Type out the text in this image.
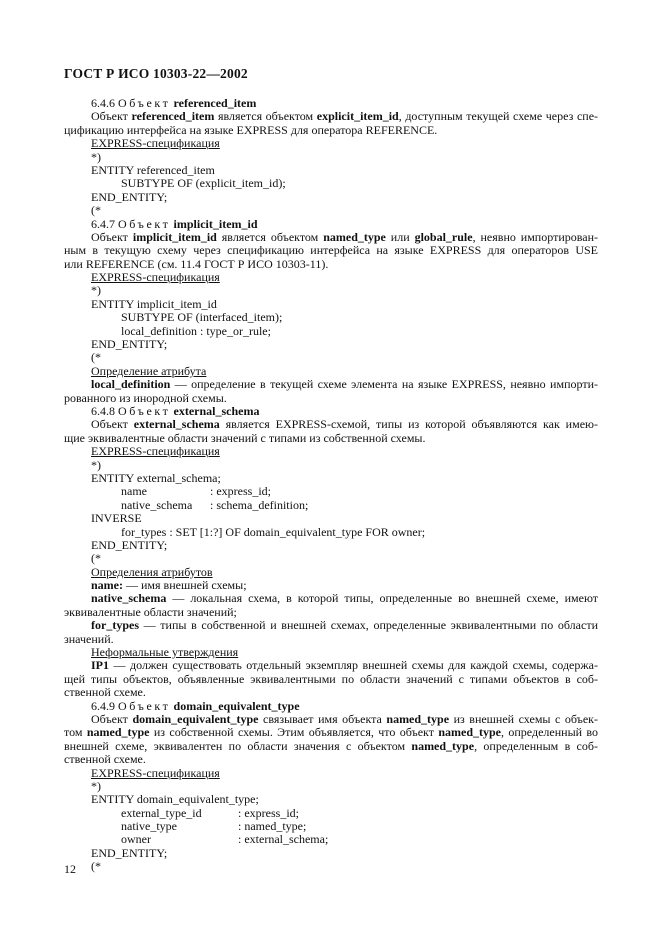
ГОСТ Р ИСО 10303-22—2002
6.4.6 Объект referenced_item
Объект referenced_item является объектом explicit_item_id, доступным текущей схеме через спе-
цификацию интерфейса на языке EXPRESS для оператора REFERENCE.
EXPRESS-спецификация
*)
ENTITY referenced_item
SUBTYPE OF (explicit_item_id);
END_ENTITY;
(*
6.4.7 Объект implicit_item_id
Объект implicit_item_id является объектом named_type или global_rule, неявно импортирован-
ным в текущую схему через спецификацию интерфейса на языке EXPRESS для операторов USE
или REFERENCE (см. 11.4 ГОСТ Р ИСО 10303-11).
EXPRESS-спецификация
*)
ENTITY implicit_item_id
SUBTYPE OF (interfaced_item);
local_definition : type_or_rule;
END_ENTITY;
(*
Определение атрибута
local_definition — определение в текущей схеме элемента на языке EXPRESS, неявно импорти-
рованного из инородной схемы.
6.4.8 Объект external_schema
Объект external_schema является EXPRESS-схемой, типы из которой объявляются как имею-
щие эквивалентные области значений с типами из собственной схемы.
EXPRESS-спецификация
*)
ENTITY external_schema;
name	: express_id;
native_schema : schema_definition;
INVERSE
for_types : SET [1:?] OF domain_equivalent_type FOR owner;
END_ENTITY;
(*
Определения атрибутов
name: — имя внешней схемы;
native_schema — локальная схема, в которой типы, определенные во внешней схеме, имеют
эквивалентные области значений;
for_types — типы в собственной и внешней схемах, определенные эквивалентными по области
значений.
Неформальные утверждения
IP1 — должен существовать отдельный экземпляр внешней схемы для каждой схемы, содержа-
щей типы объектов, объявленные эквивалентными по области значений с типами объектов в соб-
ственной схеме.
6.4.9 Объект domain_equivalent_type
Объект domain_equivalent_type связывает имя объекта named_type из внешней схемы с объек-
том named_type из собственной схемы. Этим объявляется, что объект named_type, определенный во
внешней схеме, эквивалентен по области значения с объектом named_type, определенным в соб-
ственной схеме.
EXPRESS-спецификация
*)
ENTITY domain_equivalent_type;
external_type_id	: express_id;
native_type	: named_type;
owner	: external_schema;
END_ENTITY;
(*
12
